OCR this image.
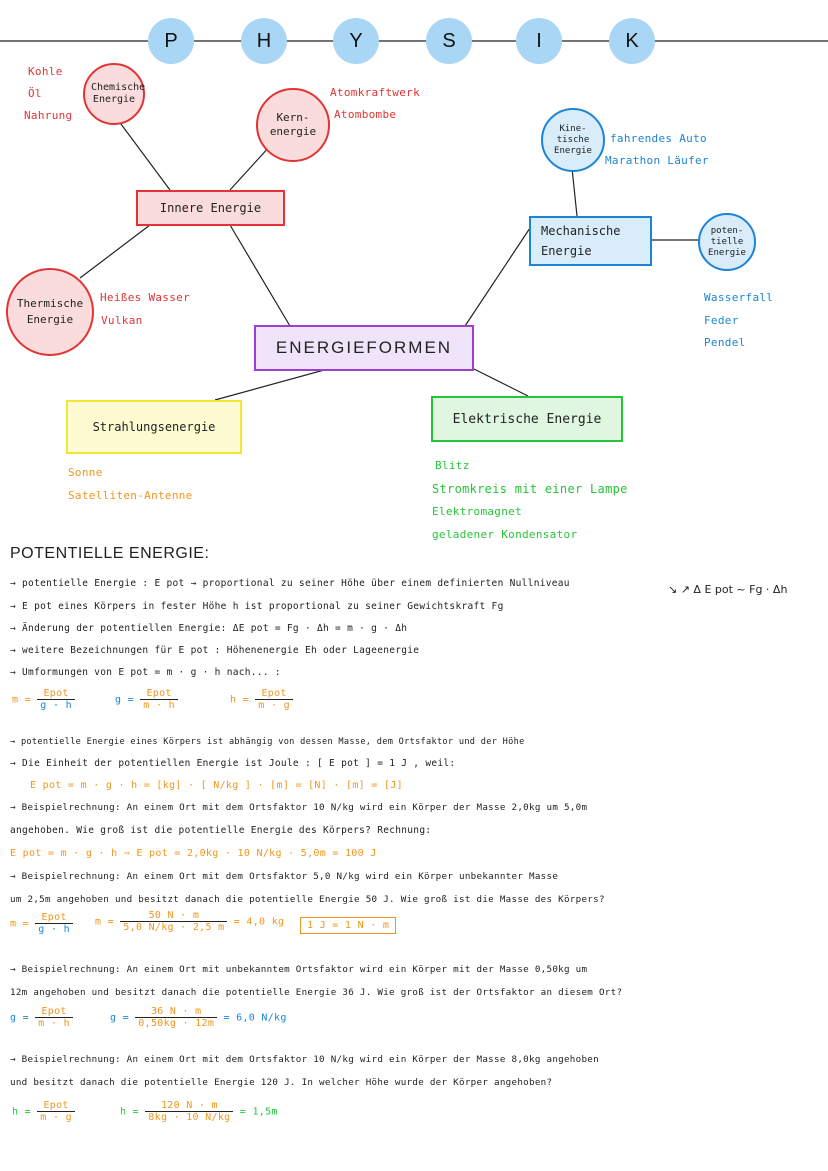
P	H	Y	S	I	K
Chemische Energie
Kohle
Öl
Nahrung	Kern- energie
Atomkraftwerk
Atombombe
Innere Energie
Thermische Energie
Heißes Wasser
Vulkan
Kine- tische Energie
fahrendes Auto
Marathon Läufer
Mechanische Energie
poten- tielle Energie
Wasserfall
Feder
Pendel
ENERGIEFORMEN
Strahlungsenergie
Sonne
Satelliten-Antenne
Elektrische Energie
Blitz
Stromkreis mit einer Lampe
Elektromagnet
geladener Kondensator
POTENTIELLE ENERGIE:
→ potentielle Energie : E pot → proportional zu seiner Höhe über einem definierten Nullniveau	↘ ↗ Δ E pot ~ Fg · Δh
→ E pot eines Körpers in fester Höhe h ist proportional zu seiner Gewichtskraft Fg
→ Änderung der potentiellen Energie: ΔE pot = Fg · Δh = m · g · Δh
→ weitere Bezeichnungen für E pot : Höhenenergie Eh oder Lageenergie
→ Umformungen von E pot = m · g · h nach... :
$m = \frac{\text{Epot}}{g \cdot h}$	$g = \frac{\text{Epot}}{m \cdot h}$	$h = \frac{\text{Epot}}{m \cdot g}$
→ potentielle Energie eines Körpers ist abhängig von dessen Masse, dem Ortsfaktor und der Höhe
→ Die Einheit der potentiellen Energie ist Joule : [ E pot ] = 1 J , weil:
E pot = m · g · h = [kg] · [ N/kg ] · [m] = [N] · [m] = [J]
→ Beispielrechnung: An einem Ort mit dem Ortsfaktor 10 N/kg wird ein Körper der Masse 2,0kg um 5,0m
angehoben. Wie groß ist die potentielle Energie des Körpers? Rechnung:
E pot = m · g · h ⇒ E pot = 2,0kg · 10 N/kg · 5,0m = 100 J
→ Beispielrechnung: An einem Ort mit dem Ortsfaktor 5,0 N/kg wird ein Körper unbekannter Masse
um 2,5m angehoben und besitzt danach die potentielle Energie 50 J. Wie groß ist die Masse des Körpers?
$m = \frac{\text{Epot}}{g \cdot h}$ $m = \frac{50 N \cdot m}{5,0 N/kg \cdot 2,5 m} = 4,0$ kg	1 J = 1 N · m
→ Beispielrechnung: An einem Ort mit unbekanntem Ortsfaktor wird ein Körper mit der Masse 0,50kg um
12m angehoben und besitzt danach die potentielle Energie 36 J. Wie groß ist der Ortsfaktor an diesem Ort?
$g = \frac{\text{Epot}}{m \cdot h}$	$g = \frac{36 N \cdot m}{0,50kg \cdot 12m} = 6,0$ N/kg
→ Beispielrechnung: An einem Ort mit dem Ortsfaktor 10 N/kg wird ein Körper der Masse 8,0kg angehoben
und besitzt danach die potentielle Energie 120 J. In welcher Höhe wurde der Körper angehoben?
$h = \frac{\text{Epot}}{m \cdot g}$	$h = \frac{120 N \cdot m}{8kg \cdot 10 N/kg} = 1,5m$
